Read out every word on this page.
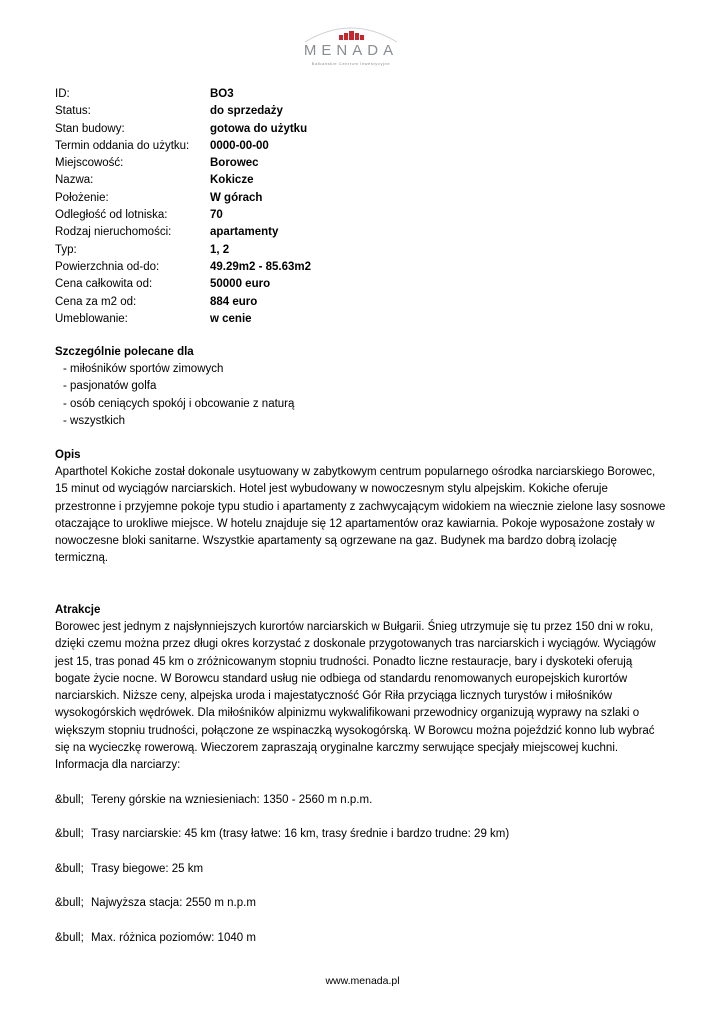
MENADA
Bałkańskie Centrum Inwestycyjne
ID:	BO3
Status:	do sprzedaży
Stan budowy:	gotowa do użytku
Termin oddania do użytku: 0000-00-00
Miejscowość:	Borowec
Nazwa:	Kokicze
Położenie:	W górach
Odległość od lotniska:	70
Rodzaj nieruchomości:	apartamenty
Typ:	1, 2
Powierzchnia od-do:	49.29m2 - 85.63m2
Cena całkowita od:	50000 euro
Cena za m2 od:	884 euro
Umeblowanie:	w cenie
Szczególnie polecane dla
- miłośników sportów zimowych
- pasjonatów golfa
- osób ceniących spokój i obcowanie z naturą
- wszystkich
Opis
Aparthotel Kokiche został dokonale usytuowany w zabytkowym centrum popularnego ośrodka narciarskiego Borowec, 15 minut od wyciągów narciarskich. Hotel jest wybudowany w nowoczesnym stylu alpejskim. Kokiche oferuje przestronne i przyjemne pokoje typu studio i apartamenty z zachwycającym widokiem na wiecznie zielone lasy sosnowe otaczające to urokliwe miejsce. W hotelu znajduje się 12 apartamentów oraz kawiarnia. Pokoje wyposażone zostały w nowoczesne bloki sanitarne. Wszystkie apartamenty są ogrzewane na gaz. Budynek ma bardzo dobrą izolację termiczną.
Atrakcje
Borowec jest jednym z najsłynniejszych kurortów narciarskich w Bułgarii. Śnieg utrzymuje się tu przez 150 dni w roku, dzięki czemu można przez długi okres korzystać z doskonale przygotowanych tras narciarskich i wyciągów. Wyciągów jest 15, tras ponad 45 km o zróżnicowanym stopniu trudności. Ponadto liczne restauracje, bary i dyskoteki oferują bogate życie nocne. W Borowcu standard usług nie odbiega od standardu renomowanych europejskich kurortów narciarskich. Niższe ceny, alpejska uroda i majestatyczność Gór Riła przyciąga licznych turystów i miłośników wysokogórskich wędrówek. Dla miłośników alpinizmu wykwalifikowani przewodnicy organizują wyprawy na szlaki o większym stopniu trudności, połączone ze wspinaczką wysokogórską. W Borowcu można pojeździć konno lub wybrać się na wycieczkę rowerową. Wieczorem zapraszają oryginalne karczmy serwujące specjały miejscowej kuchni.
Informacja dla narciarzy:
&bull; Tereny górskie na wzniesieniach: 1350 - 2560 m n.p.m.
&bull; Trasy narciarskie: 45 km (trasy łatwe: 16 km, trasy średnie i bardzo trudne: 29 km)
&bull; Trasy biegowe: 25 km
&bull; Najwyższa stacja: 2550 m n.p.m
&bull; Max. różnica poziomów: 1040 m
www.menada.pl
